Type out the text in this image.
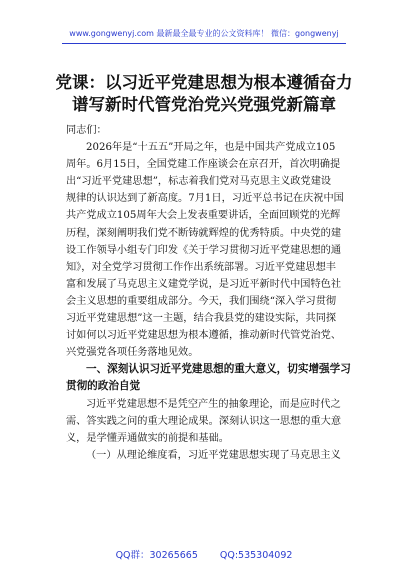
www.gongwenyj.com 最新最全最专业的公文资料库！ 微信：gongwenyj
党课：以习近平党建思想为根本遵循奋力
谱写新时代管党治党兴党强党新篇章
同志们：
2026年是“十五五”开局之年，也是中国共产党成立105
周年。6月15日，全国党建工作座谈会在京召开，首次明确提
出“习近平党建思想”，标志着我们党对马克思主义政党建设
规律的认识达到了新高度。7月1日，习近平总书记在庆祝中国
共产党成立105周年大会上发表重要讲话，全面回顾党的光辉
历程，深刻阐明我们党不断铸就辉煌的优秀特质。中央党的建
设工作领导小组专门印发《关于学习贯彻习近平党建思想的通
知》，对全党学习贯彻工作作出系统部署。习近平党建思想丰
富和发展了马克思主义建党学说，是习近平新时代中国特色社
会主义思想的重要组成部分。今天，我们围绕“深入学习贯彻
习近平党建思想”这一主题，结合我县党的建设实际，共同探
讨如何以习近平党建思想为根本遵循，推动新时代管党治党、
兴党强党各项任务落地见效。
一、深刻认识习近平党建思想的重大意义，切实增强学习
贯彻的政治自觉
习近平党建思想不是凭空产生的抽象理论，而是应时代之
需、答实践之问的重大理论成果。深刻认识这一思想的重大意
义，是学懂弄通做实的前提和基础。
（一）从理论维度看，习近平党建思想实现了马克思主义
QQ群：30265665 QQ:535304092
